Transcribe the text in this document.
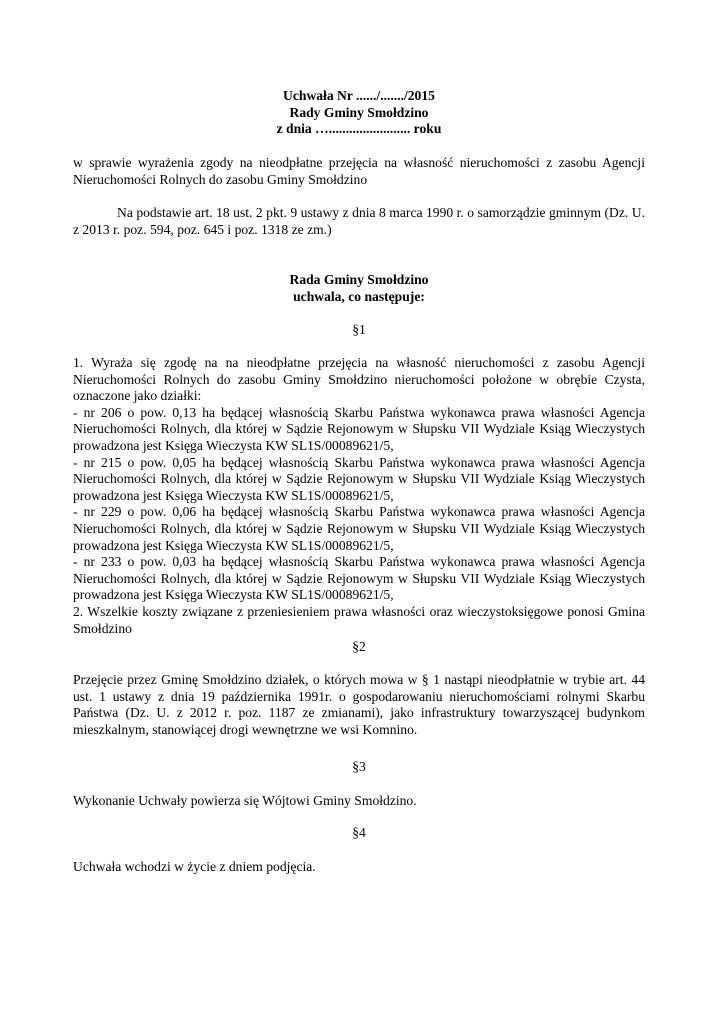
Uchwała Nr ....../......./2015
Rady Gminy Smołdzino
z dnia …........................ roku

w sprawie wyrażenia zgody na nieodpłatne przejęcia na własność nieruchomości z zasobu Agencji Nieruchomości Rolnych do zasobu Gminy Smołdzino

Na podstawie art. 18 ust. 2 pkt. 9 ustawy z dnia 8 marca 1990 r. o samorządzie gminnym (Dz. U. z 2013 r. poz. 594, poz. 645 i poz. 1318 ze zm.)

Rada Gminy Smołdzino
uchwala, co następuje:

§1

1. Wyraża się zgodę na na nieodpłatne przejęcia na własność nieruchomości z zasobu Agencji Nieruchomości Rolnych do zasobu Gminy Smołdzino nieruchomości położone w obrębie Czysta, oznaczone jako działki:
- nr 206 o pow. 0,13 ha będącej własnością Skarbu Państwa wykonawca prawa własności Agencja Nieruchomości Rolnych, dla której w Sądzie Rejonowym w Słupsku VII Wydziale Ksiąg Wieczystych prowadzona jest Księga Wieczysta KW SL1S/00089621/5,
- nr 215 o pow. 0,05 ha będącej własnością Skarbu Państwa wykonawca prawa własności Agencja Nieruchomości Rolnych, dla której w Sądzie Rejonowym w Słupsku VII Wydziale Ksiąg Wieczystych prowadzona jest Księga Wieczysta KW SL1S/00089621/5,
- nr 229 o pow. 0,06 ha będącej własnością Skarbu Państwa wykonawca prawa własności Agencja Nieruchomości Rolnych, dla której w Sądzie Rejonowym w Słupsku VII Wydziale Ksiąg Wieczystych prowadzona jest Księga Wieczysta KW SL1S/00089621/5,
- nr 233 o pow. 0,03 ha będącej własnością Skarbu Państwa wykonawca prawa własności Agencja Nieruchomości Rolnych, dla której w Sądzie Rejonowym w Słupsku VII Wydziale Ksiąg Wieczystych prowadzona jest Księga Wieczysta KW SL1S/00089621/5,
2. Wszelkie koszty związane z przeniesieniem prawa własności oraz wieczystoksięgowe ponosi Gmina Smołdzino

§2

Przejęcie przez Gminę Smołdzino działek, o których mowa w § 1 nastąpi nieodpłatnie w trybie art. 44 ust. 1 ustawy z dnia 19 października 1991r. o gospodarowaniu nieruchomościami rolnymi Skarbu Państwa (Dz. U. z 2012 r. poz. 1187 ze zmianami), jako infrastruktury towarzyszącej budynkom mieszkalnym, stanowiącej drogi wewnętrzne we wsi Komnino.

§3

Wykonanie Uchwały powierza się Wójtowi Gminy Smołdzino.

§4

Uchwała wchodzi w życie z dniem podjęcia.
